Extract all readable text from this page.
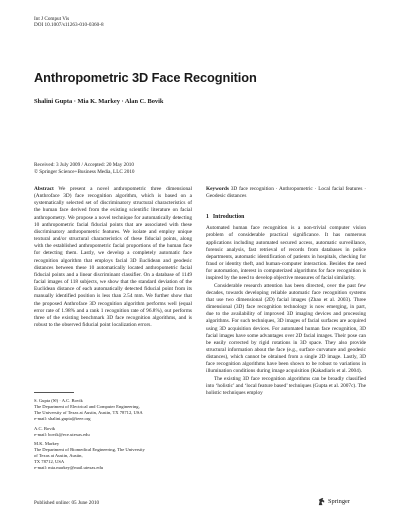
Int J Comput Vis
DOI 10.1007/s11263-010-0360-8
Anthropometric 3D Face Recognition
Shalini Gupta · Mia K. Markey · Alan C. Bovik
Received: 3 July 2009 / Accepted: 20 May 2010
© Springer Science+Business Media, LLC 2010

Abstract We present a novel anthropometric three dimensional (Anthroface 3D) face recognition algorithm, which is based on a systematically selected set of discriminatory structural characteristics of the human face derived from the existing scientific literature on facial anthropometry. We propose a novel technique for automatically detecting 10 anthropometric facial fiducial points that are associated with these discriminatory anthropometric features. We isolate and employ unique textural and/or structural characteristics of these fiducial points, along with the established anthropometric facial proportions of the human face for detecting them. Lastly, we develop a completely automatic face recognition algorithm that employs facial 3D Euclidean and geodesic distances between these 10 automatically located anthropometric facial fiducial points and a linear discriminant classifier. On a database of 1149 facial images of 118 subjects, we show that the standard deviation of the Euclidean distance of each automatically detected fiducial point from its manually identified position is less than 2.54 mm. We further show that the proposed Anthroface 3D recognition algorithm performs well (equal error rate of 1.98% and a rank 1 recognition rate of 96.8%), out performs three of the existing benchmark 3D face recognition algorithms, and is robust to the observed fiducial point localization errors.

Keywords 3D face recognition · Anthropometric · Local facial features · Geodesic distances

1 Introduction

Automated human face recognition is a non-trivial computer vision problem of considerable practical significance. It has numerous applications including automated secured access, automatic surveillance, forensic analysis, fast retrieval of records from databases in police departments, automatic identification of patients in hospitals, checking for fraud or identity theft, and human-computer interaction. Besides the need for automation, interest in computerized algorithms for face recognition is inspired by the need to develop objective measures of facial similarity.

Considerable research attention has been directed, over the past few decades, towards developing reliable automatic face recognition systems that use two dimensional (2D) facial images (Zhao et al. 2003). Three dimensional (3D) face recognition technology is now emerging, in part, due to the availability of improved 3D imaging devices and processing algorithms. For such techniques, 3D images of facial surfaces are acquired using 3D acquisition devices. For automated human face recognition, 3D facial images have some advantages over 2D facial images. Their pose can be easily corrected by rigid rotations in 3D space. They also provide structural information about the face (e.g., surface curvature and geodesic distances), which cannot be obtained from a single 2D image. Lastly, 3D face recognition algorithms have been shown to be robust to variations in illumination conditions during image acquisition (Kakadiaris et al. 2004).

The existing 3D face recognition algorithms can be broadly classified into ‘holistic’ and ‘local feature based’ techniques (Gupta et al. 2007c). The holistic techniques employ

S. Gupta (✉) · A.C. Bovik
The Department of Electrical and Computer Engineering,
The University of Texas at Austin, Austin, TX 78712, USA
e-mail: shalini.gupta@ieee.org
A.C. Bovik
e-mail: bovik@ece.utexas.edu
M.K. Markey
The Department of Biomedical Engineering, The University
of Texas at Austin, Austin,
TX 78712, USA
e-mail: mia.markey@mail.utexas.edu
Published online: 05 June 2010	Springer
